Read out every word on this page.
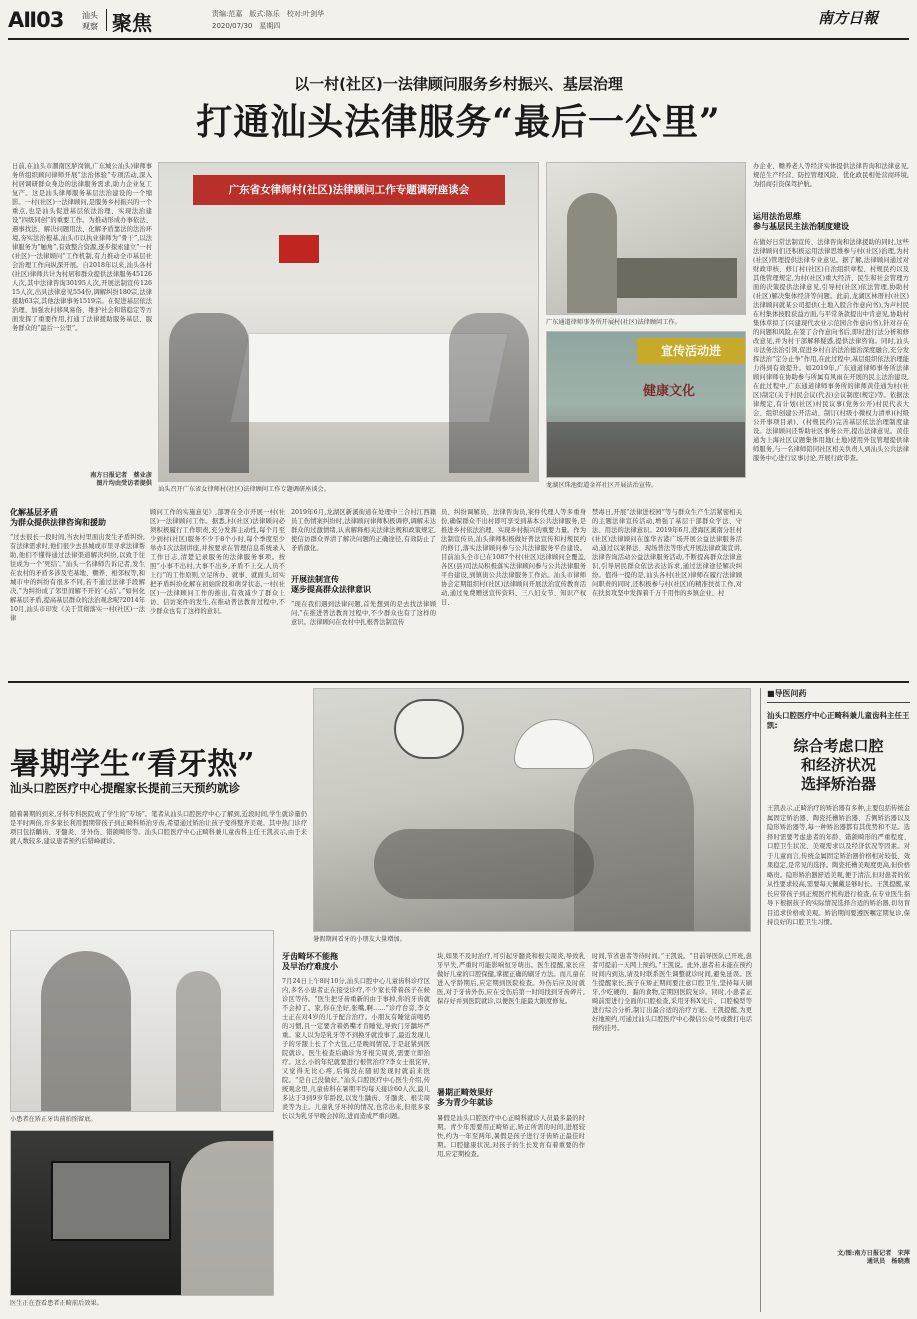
AⅡ03 汕头
观察 聚焦	责编:范嘉　版式:陈乐　校对:叶剑华
2020/07/30　星期四	南方日報
以一村(社区)一法律顾问服务乡村振兴、基层治理
打通汕头法律服务“最后一公里”
日前,在汕头市潮南区胪岗镇,广东城公汕头)律师事务所组织顾问律师开展“法治体验”专项活动,深入村居调研群众身边的法律服务需求,助力企业复工复产。这是汕头律师服务基层法治建设的一个缩影。一村(社区)一法律顾问,是服务乡村振兴的一个重点,也是汕头促进基层依法治理、实现法治建设“四级同创”的重要工作。为推动形成办事依法、遇事找法、解决问题用法、化解矛盾靠法的法治环境,夯实法治根基,汕头市以执业律师为“骨干”,以法律服务为“触角”,有效整合资源,逐步探索建立“一村(社区)一法律顾问”工作机制,有力推动全市基层社会治理工作向纵深开展。自2018年以来,汕头各村(社区)律师共计为村居和群众提供法律服务45126人次,其中法律咨询30195人次,开展法制宣传12615人次,出具法律意见554份,调解纠纷180宗,法律援助63宗,其他法律事务1519宗。在促进基层依法治理、加强农村移风易俗、维护社会和谐稳定等方面发挥了重要作用,打通了法律援助服务基层、服务群众的“最后一公里”。
南方日报记者　蔡业彦
图片均由受访者提供
广东省女律师村(社区)法律顾问工作专题调研座谈会
汕头召开广东省女律师村(社区)法律顾问工作专题调研座谈会。
广东通道律师事务所开展村(社区)法律顾问工作。
宣传活动进
健康文化
龙湖区珠池街道金祥社区开展法治宣传。
办企业、赡养老人等经济实体提供法律咨询和法律意见,规范生产经营、防控管理风险、优化政民相处营商环境,为招商引资保驾护航。
运用法治思维
参与基层民主法治制度建设
在做好日常法制宣传、法律咨询和法律援助的同时,这些法律顾问们还积极运用法律思维参与村(社区)治理,为村(社区)管理提供法律专业意见。据了解,法律顾问通过对财政审核、修订村(社区)自治组织章程、村规民约以及其他管理规定,为村(社区)重大经济、民生和社会管理方面的决策提供法律意见,引导村(社区)依法管理,协助村(社区)解决集体经济等问题。此前,龙湖区林厝村(社区)法律顾问就某公司提供(土地入股合作意向书),为声村民在村集体按股获益方面,与平常条款提出中肯意见,协助村集体草拟了(兴建现代农业示范园合作意向书),针对存在的问题和风险,在签了合作意向书后,即时进行法分析和修改意见,并为村干部解释疑惑,提供法律咨询。同时,汕头市法务法治引领,促进乡村自治法治德治深度融合,充分发挥法治“定分止争”作用,在此过程中,基层组织依法治理能力得到有效提升。如2019年,广东通道律师事务所法律顾问律师在协助参与所属有风雨在开展的民主法治建设,在此过程中,广东通道律师事务所的律师黄佳通为村(社区)制定(关于村民会议(代表)会议制度(规定)等。依据法律规定,有计划(社区)村民议事(党务公开)村民代表大会、组织创建公开活动、制订(村级小微权力清单)(村级公开事项目录)、(村规民约)完善基层依法治理制度建设。法律顾问还帮助社区事务公开,提出法律意见。黄佳通为上海社区议题集体用地(土地)使用外包管理提供律师服务,与一名律师陪同社区相关负责人到汕头公共法律服务中心进行议事讨论,开展行政审查。
化解基层矛盾
为群众提供法律咨询和援助
“过去很长一段时间,当农村里面出发生矛盾纠纷,有法律需求时,他们很少去县城或市里寻求法律帮助,他们不懂得通过法律渠道解决纠纷,以致于往往成为一个‘死结’。”汕头一名律师告诉记者,发生在农村的矛盾多涉及宅基地、赡养、相邻权等,和城市中的纠纷有很多不同,若不通过法律手段解决,“为纠纷成了邻里间解不开的‘心结’。”如何化解基层矛盾,提高基层群众的法治观念呢?2014年10月,汕头市印发《关于贯彻落实一村(社区)一法律
顾问工作的实施意见》,部署在全市开展一村(社区)一法律顾问工作。据悉,村(社区)法律顾问必须积极履行工作职责,充分发挥主动性,每个月至少到村(社区)服务不少于8个小时,每个季度至少举办1次法制讲座,并按要求在管理信息系统录入工作日志,清楚记录服务的法律服务事项。按照“小事不出村,大事不出乡,矛盾不上交,人员不上行”的工作原则,立足所办、就事、就面头,切实把矛盾纠纷化解在初始阶段和萌芽状态,一村(社区)一法律顾问工作的推出,有效减少了群众上访、信访案件的发生,在推动普法教育过程中,不少群众也有了这样的意识。
2019年6月,龙湖区新溪街道在处理中三合村江西籍员工伤情案纠纷时,法律顾问律师积极调停,调解未达群众的过激情绪,认真解释相关法律法规和政策规定,使信访群众弄清了解决问题的正确途径,有效防止了矛盾激化。
开展法制宣传
逐步提高群众法律意识
“现在我们遇到法律问题,首先想到的是去找法律顾问,”在推进普法教育过程中,不少群众也有了这样的意识。法律顾问在农村中扎根普法制宣传
员、纠纷调解员、法律咨询员,案件代理人等多重身份,确保群众不出村即可享受到基本公共法律服务,是推进乡村依法治理、实现乡村振兴的重要力量。作为法制宣传员,汕头律师积极做好普法宣传和村规民约的修订,落实法律顾问参与公共法律服务平台建设。目前汕头全市已在1087个村(社区)法律顾问全覆盖,各区(县)司法局积极落实法律顾问参与公共法律服务平台建设,到镇街公共法律服务工作站。汕头市律师协会定期组织村(社区)法律顾问开展法治宣传教育活动,通过免费赠送宣传资料、三八妇女节、知识产权日、
禁毒日,开展“法律进校园”等与群众生产生活紧密相关的主题法律宣传活动,增强了基层干部群众学法、守法、用法的法律意识。2019年6月,澄海区溪南分驻村(社区)法律顾问在莲华古港广场开展公益法律服务活动,通过以案释法、现场普法等形式开展法律政策宣讲,法律咨询活动公益法律服务活动,不断提高群众法律意识,引导居民群众依法表达诉求,通过法律途径解决纠纷。值得一提的是,汕头各村(社区)律师在履行法律顾问职责的同时,还积极参与村(社区)的精准扶贫工作,对在扶贫攻坚中发挥着千万千用作的乡镇企业、村
暑期学生“看牙热”
汕头口腔医疗中心提醒家长提前三天预约就诊
随着暑期的到来,牙科专科医院成了学生的“专场”。笔者从汕头口腔医疗中心了解到,近段时间,学生就诊量仍是平时两倍,许多家长利用假期带孩子到正畸科矫治牙齿,希望通过矫治让孩子变得整齐美观。其中热门诊疗项目包括齲齿、牙髓炎、牙外伤、错颌畸形等。汕头口腔医疗中心正畸科兼儿童齿科主任王凯表示,由于来就人数较多,建议患者预约后错峰就诊。
暑假期间看牙的小朋友大量增加。
小患者在矫正牙齿前拍照留底。
医生正在查看患者正畸前后效果。
牙齿畸坏不能拖
及早治疗难度小
7月24日上午8时10分,汕头口腔中心儿童齿科诊疗区内,多名小患者正在接受诊疗,不少家长带着孩子在候诊区等待。“医生把牙齿重新的由于事掉,你的牙齿就不会掉了。家,你在坐好,张嘴,啊……”诊疗台旁,李女士正在对4岁的儿子配合治疗。小朋友有睡觉前喝奶的习惯,且一定要含着奶嘴才肯睡觉,导致门牙龋坏严重。家人以为是乳牙等不到换牙就没事了,最近发现儿子的牙龈上长了个大包,已是晚间情况,于是赶紧到医院就诊。医生检查后确诊为牙根尖周炎,需要立即治疗。这么小的年纪就要进行根管治疗?李女士很诧异,又觉得无比心疼,后悔没在随初发现时就前来医院。“是自己没做好。”汕头口腔医疗中心医生介绍,传统观念里,儿童齿科在暑期平均每天接诊60人次,最儿多达于3到9岁年龄段,以发生龋齿、牙髓炎、根尖周炎等为主。儿童乳牙坏掉的情况,也常出来,但很多家长以为乳牙早晚会掉的,进而造成严重问题。
块,如果不及时治疗,可引起牙髓炎和根尖周炎,导致乳牙早失,严重时可能影响恒牙萌出。医生提醒,家长应做好儿童的口腔保健,掌握正确的刷牙方法。而儿童在进入学龄期后,应定期到医院检查。外伤后应及时就医,对于牙齿外伤,应在受伤后第一时间找到牙齿碎片,保存好并到医院就诊,以便医生能最大限度修复。
暑期正畸效果好
多为青少年就诊
暑假是汕头口腔医疗中心正畸科就诊人员最多最的时期。青少年需要用正畸矫正,矫正所需的时间,进展较快,约为一年至两年,暑假是孩子进行牙齿矫正最佳时期。口腔健康状况,对孩子的生长发育有着重要的作用,应定期检查。
时间,节省患者等待时间。”王凯说。“目前导医队已开班,患者可提前一天网上预约。”王凯说。此外,患者若未能在预约时间内到达,请及时联系医生调整就诊时间,避免延误。医生提醒家长,孩子在矫正期间要注意口腔卫生,坚持每天刷牙,少吃硬的、黏的食物,定期回医院复诊。同时,小患者正畸前需进行全面的口腔检查,采用牙科X光片、口腔模型等进行综合分析,制订出最合适的治疗方案。王凯提醒,为更好地预约,可通过汕头口腔医疗中心微信公众号或拨打电话预约挂号。
■导医问药
汕头口腔医疗中心正畸科兼儿童齿科主任王凯:
综合考虑口腔
和经济状况
选择矫治器
王凯表示,正畸治疗的矫治器有多种,主要包括传统金属固定矫治器、陶瓷托槽矫治器、舌侧矫治器以及隐形矫治器等,每一种矫治器都有其优势和不足。选择时需要考虑患者的年龄、错颌畸形的严重程度、口腔卫生状况、美观需求以及经济状况等因素。对于儿童而言,传统金属固定矫治器价格相对较低、效果稳定,是常见的选择。陶瓷托槽美观度更高,但价格略贵。隐形矫治器舒适美观,便于清洁,但对患者的依从性要求较高,需要每天佩戴足够时长。王凯提醒,家长应带孩子到正规医疗机构进行检查,在专业医生指导下根据孩子的实际情况选择合适的矫治器,切勿盲目追求价格或美观。矫治期间要遵医嘱定期复诊,保持良好的口腔卫生习惯。
文/图:南方日报记者　宋萍
通讯员　杨晓燕
